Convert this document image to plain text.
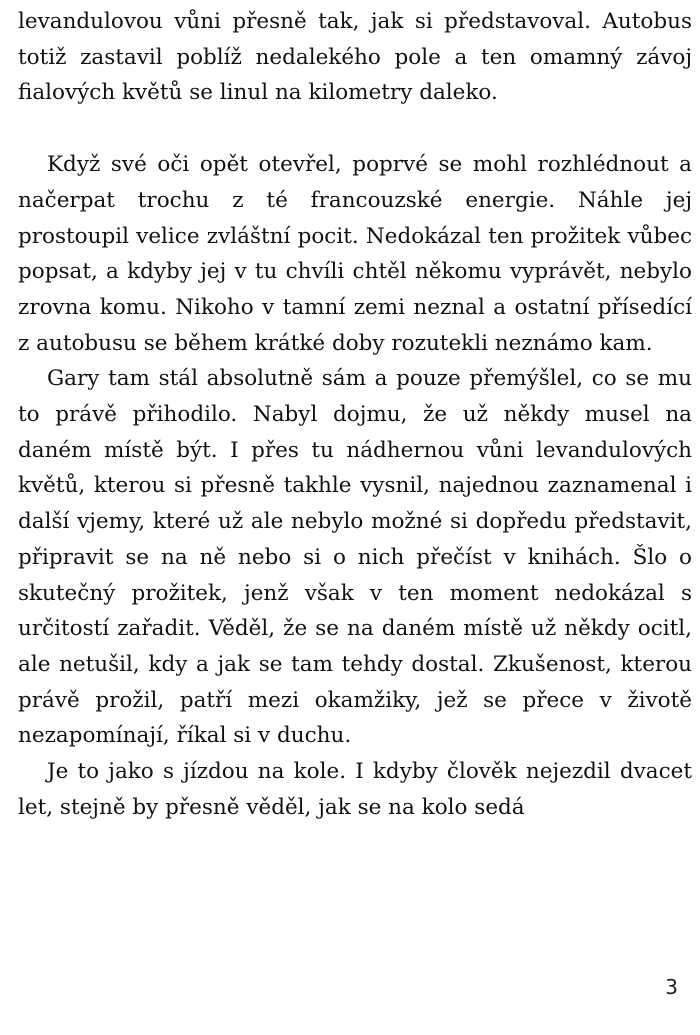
levandulovou vůni přesně tak, jak si představoval. Autobus totiž zastavil poblíž nedalekého pole a ten omamný závoj fialových květů se linul na kilometry daleko.

Když své oči opět otevřel, poprvé se mohl rozhlédnout a načerpat trochu z té francouzské energie. Náhle jej prostoupil velice zvláštní pocit. Nedokázal ten prožitek vůbec popsat, a kdyby jej v tu chvíli chtěl někomu vyprávět, nebylo zrovna komu. Nikoho v tamní zemi neznal a ostatní přísedící z autobusu se během krátké doby rozutekli neznámo kam.

Gary tam stál absolutně sám a pouze přemýšlel, co se mu to právě přihodilo. Nabyl dojmu, že už někdy musel na daném místě být. I přes tu nádhernou vůni levandulových květů, kterou si přesně takhle vysnil, najednou zaznamenal i další vjemy, které už ale nebylo možné si dopředu představit, připravit se na ně nebo si o nich přečíst v knihách. Šlo o skutečný prožitek, jenž však v ten moment nedokázal s určitostí zařadit. Věděl, že se na daném místě už někdy ocitl, ale netušil, kdy a jak se tam tehdy dostal. Zkušenost, kterou právě prožil, patří mezi okamžiky, jež se přece v životě nezapomínají, říkal si v duchu.

Je to jako s jízdou na kole. I kdyby člověk nejezdil dvacet let, stejně by přesně věděl, jak se na kolo sedá

3
